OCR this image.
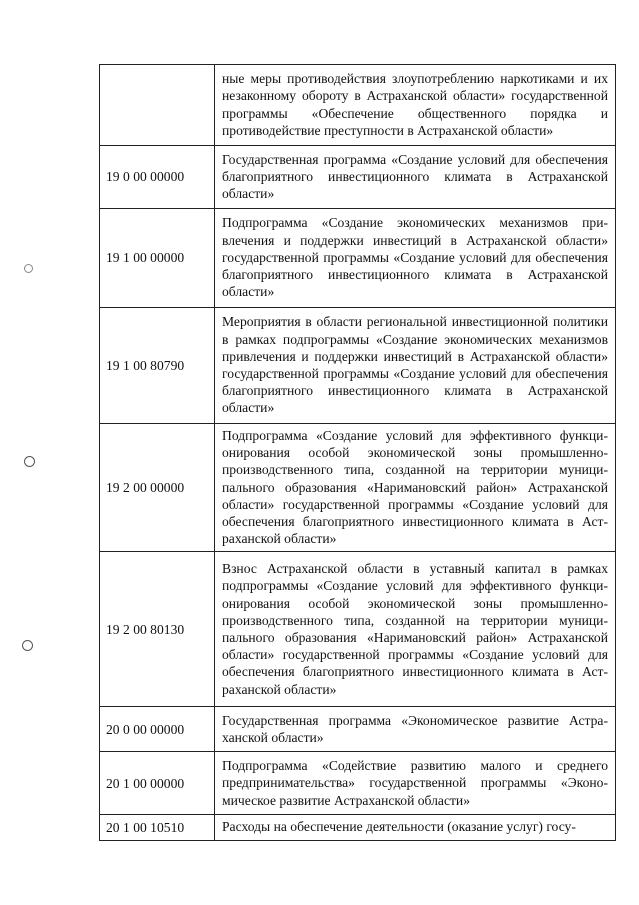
	ные меры противодействия злоупотреблению наркотиками и их незаконному обороту в Астраханской области» государственной программы «Обеспечение общественного порядка и противодействие преступности в Астраханской области»
19 0 00 00000	Государственная программа «Создание условий для обеспечения благоприятного инвестиционного климата в Астраханской области»
19 1 00 00000	Подпрограмма «Создание экономических механизмов привлечения и поддержки инвестиций в Астраханской области» государственной программы «Создание условий для обеспечения благоприятного инвестиционного климата в Астраханской области»
19 1 00 80790	Мероприятия в области региональной инвестиционной политики в рамках подпрограммы «Создание экономических механизмов привлечения и поддержки инвестиций в Астраханской области» государственной программы «Создание условий для обеспечения благоприятного инвестиционного климата в Астраханской области»
19 2 00 00000	Подпрограмма «Создание условий для эффективного функционирования особой экономической зоны промышленно-производственного типа, созданной на территории муниципального образования «Наримановский район» Астраханской области» государственной программы «Создание условий для обеспечения благоприятного инвестиционного климата в Астраханской области»
19 2 00 80130	Взнос Астраханской области в уставный капитал в рамках подпрограммы «Создание условий для эффективного функционирования особой экономической зоны промышленно-производственного типа, созданной на территории муниципального образования «Наримановский район» Астраханской области» государственной программы «Создание условий для обеспечения благоприятного инвестиционного климата в Астраханской области»
20 0 00 00000	Государственная программа «Экономическое развитие Астраханской области»
20 1 00 00000	Подпрограмма «Содействие развитию малого и среднего предпринимательства» государственной программы «Экономическое развитие Астраханской области»
20 1 00 10510	Расходы на обеспечение деятельности (оказание услуг) госу-
